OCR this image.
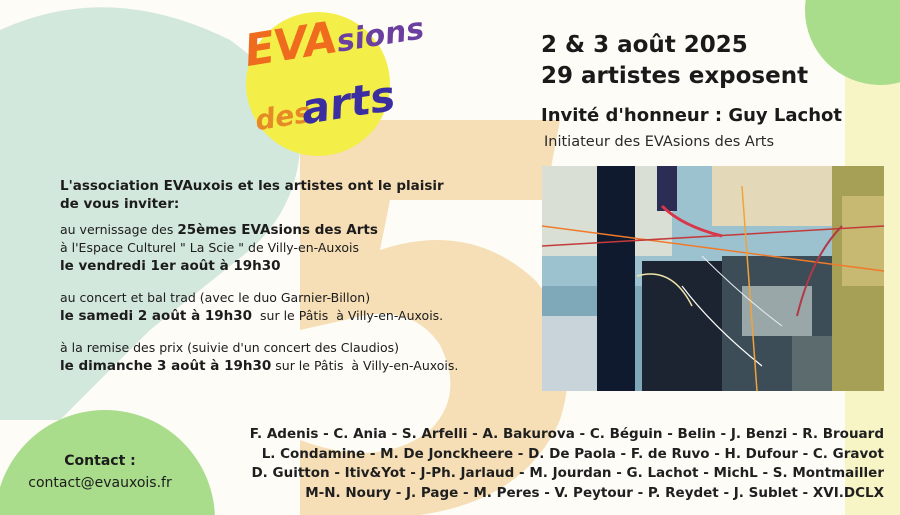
EVAsions
des
arts
2 & 3 août 2025
29 artistes exposent
Invité d'honneur : Guy Lachot
Initiateur des EVAsions des Arts
L'association EVAuxois et les artistes ont le plaisir
de vous inviter:

au vernissage des 25èmes EVAsions des Arts

à l'Espace Culturel " La Scie " de Villy-en-Auxois

le vendredi 1er août à 19h30

au concert et bal trad (avec le duo Garnier-Billon)

le samedi 2 août à 19h30  sur le Pâtis  à Villy-en-Auxois.

à la remise des prix (suivie d'un concert des Claudios)

le dimanche 3 août à 19h30 sur le Pâtis  à Villy-en-Auxois.

F. Adenis - C. Ania - S. Arfelli - A. Bakurova - C. Béguin - Belin - J. Benzi - R. Brouard
L. Condamine - M. De Jonckheere - D. De Paola - F. de Ruvo - H. Dufour - C. Gravot
D. Guitton - Itiv&Yot - J-Ph. Jarlaud - M. Jourdan - G. Lachot - MichL - S. Montmailler
M-N. Noury - J. Page - M. Peres - V. Peytour - P. Reydet - J. Sublet - XVI.DCLX
Contact :
contact@evauxois.fr
